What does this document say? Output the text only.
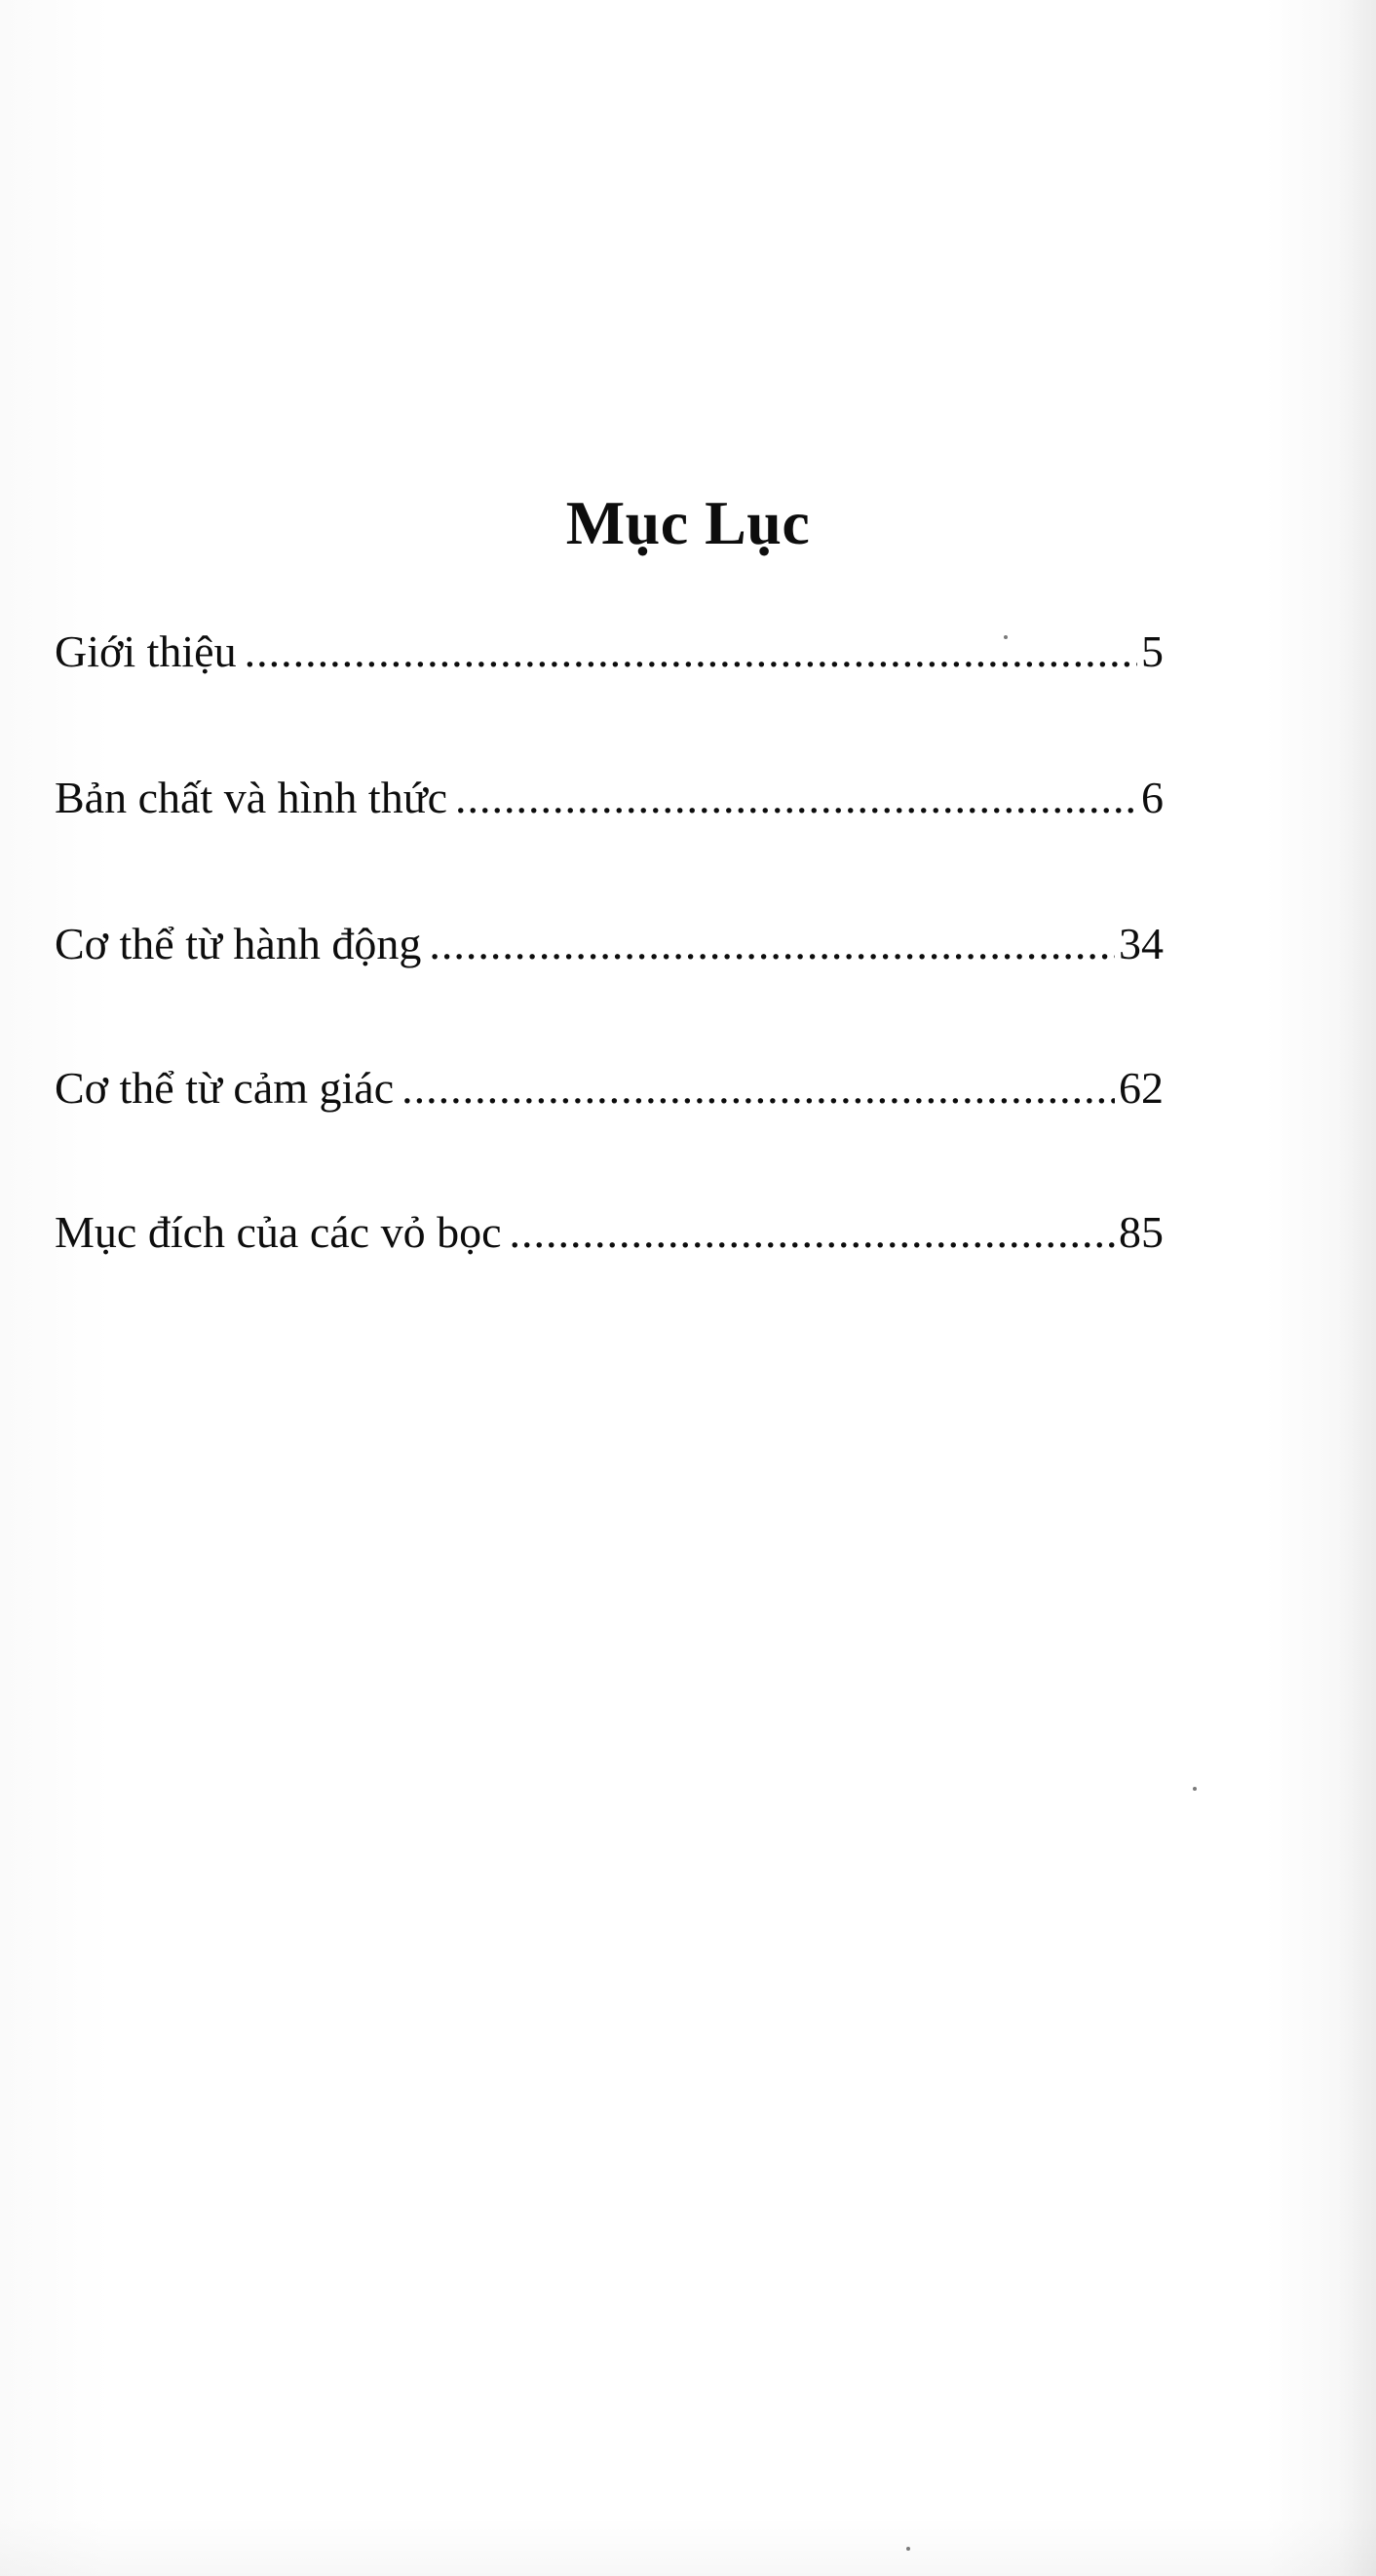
Mục Lục
Giới thiệu .....	5
Bản chất và hình thức .....	6
Cơ thể từ hành động .....	34
Cơ thể từ cảm giác .....	62
Mục đích của các vỏ bọc .....	85
